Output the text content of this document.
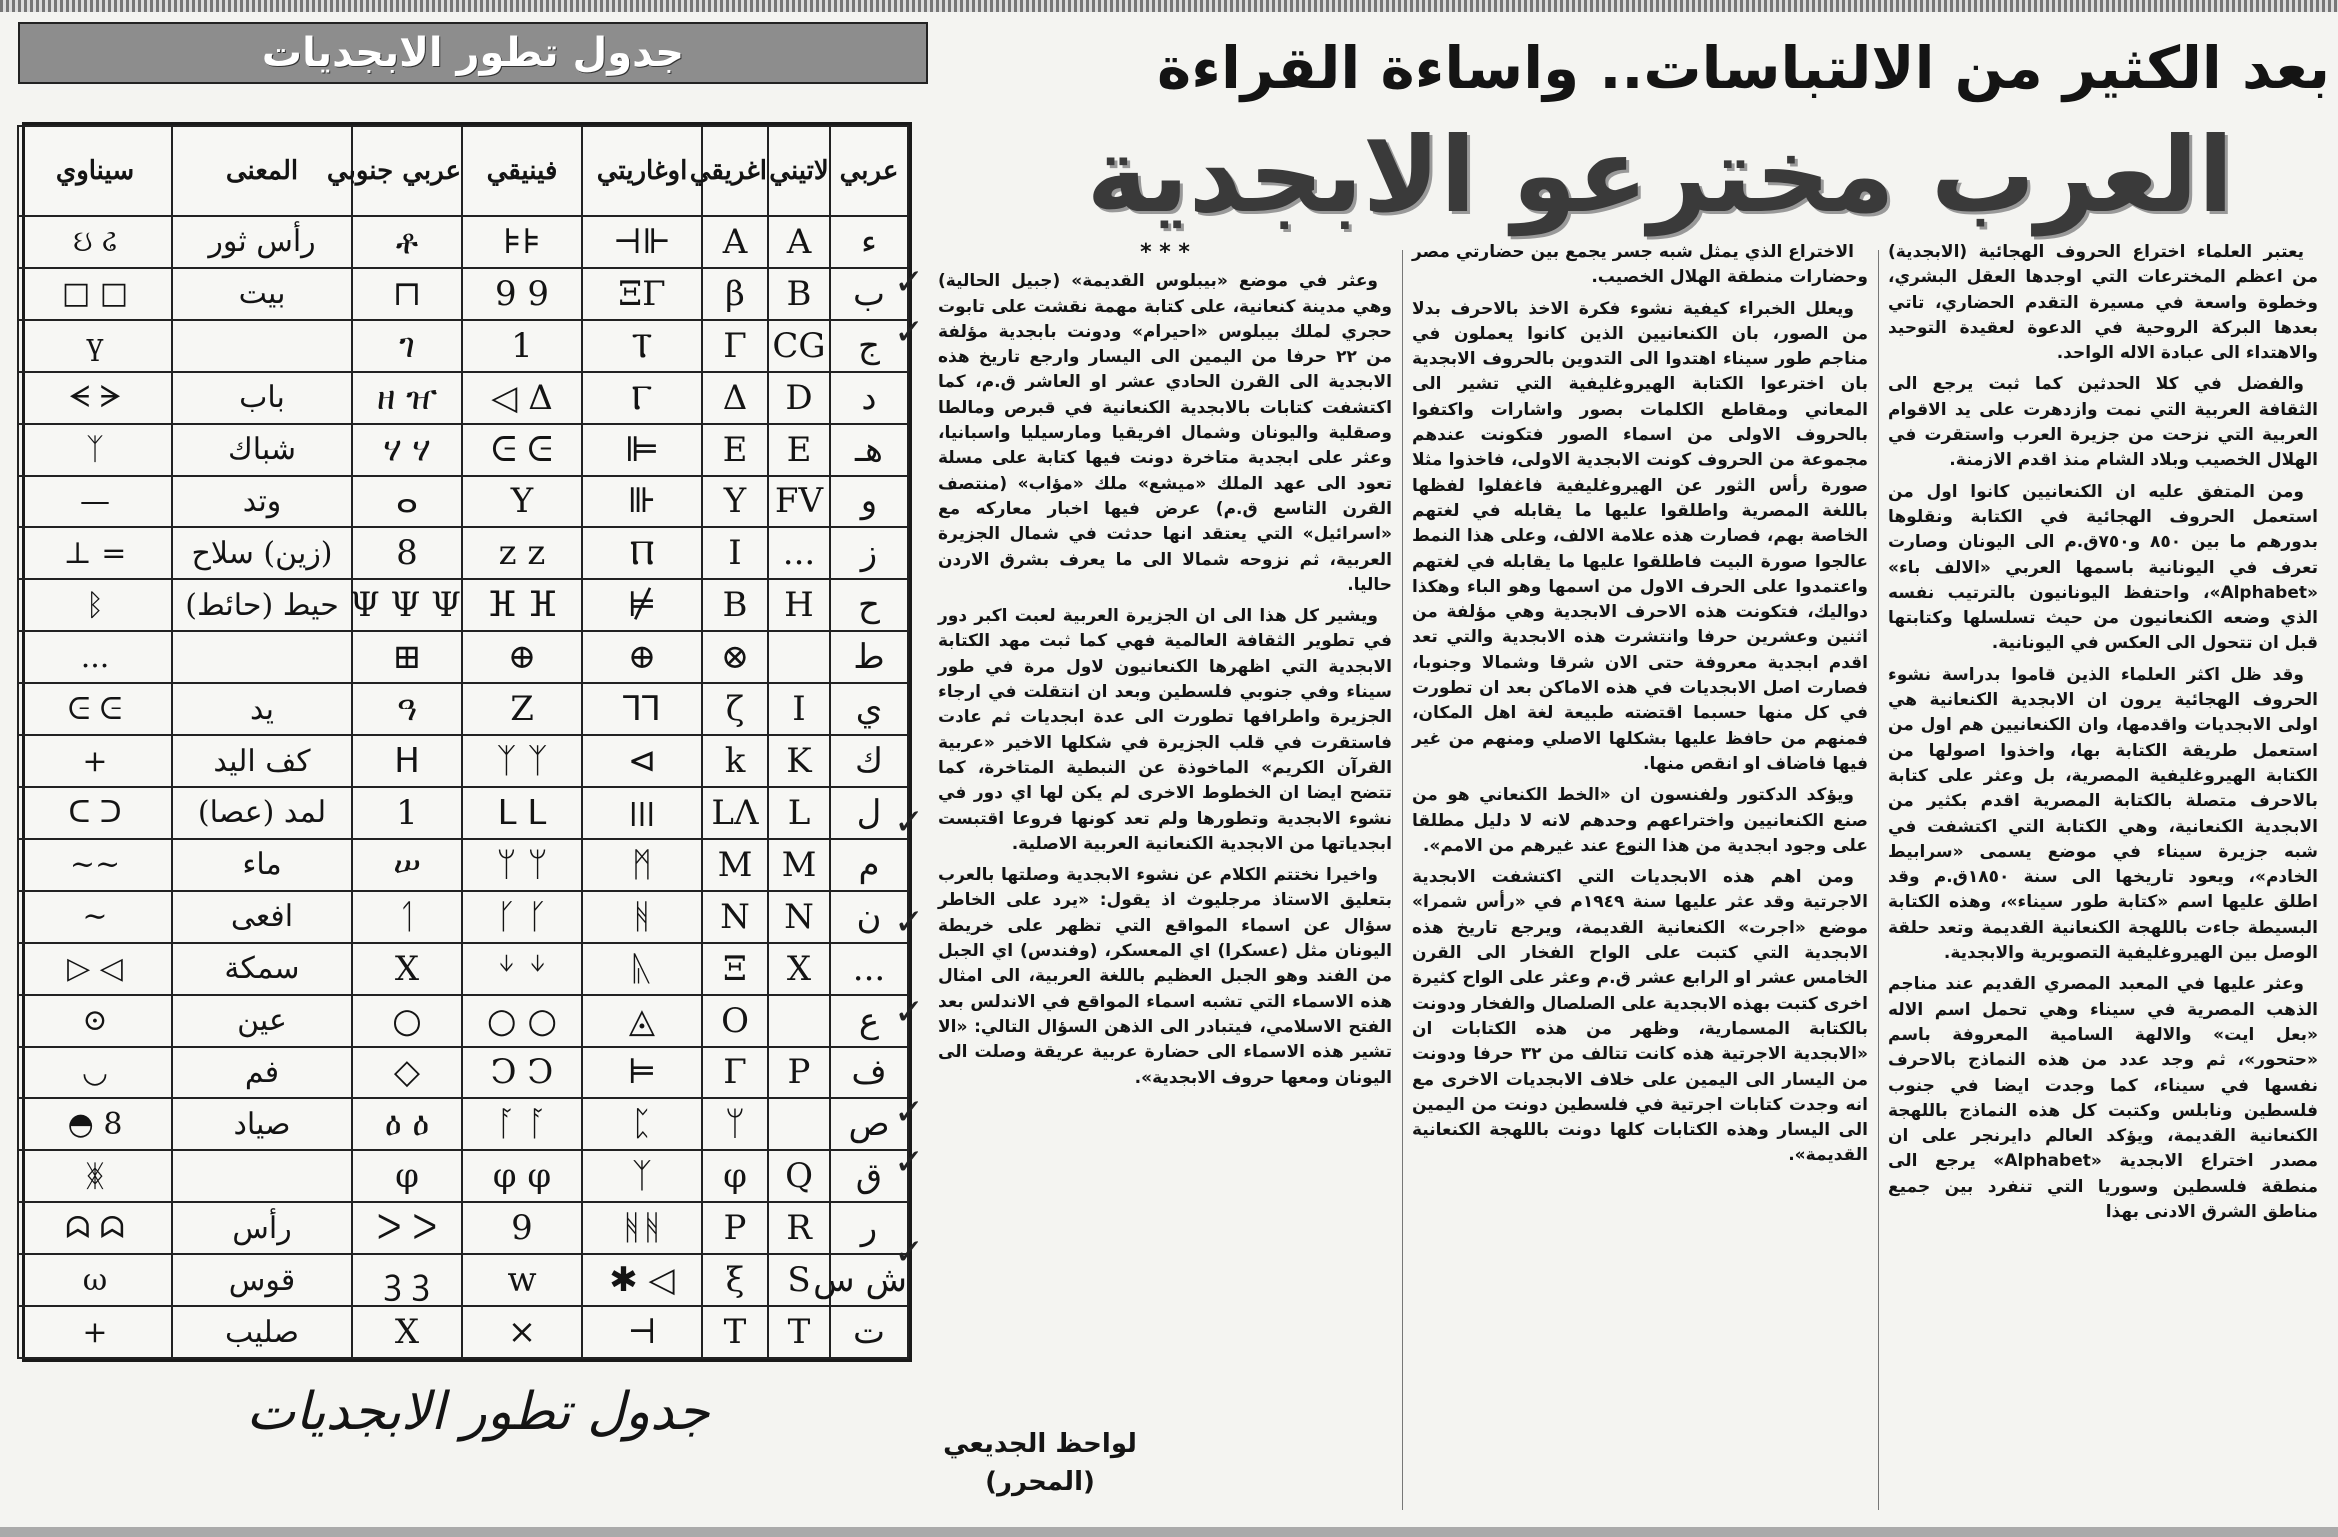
جدول تطور الابجديات
عربي	لاتيني	اغريقي	اوغاريتي	فينيقي	عربي جنوبي	المعنى	سيناوي
ء	A	A	⊩⊢	⊧⊧	ቶ	رأس ثور	ઇ ઢ
ب	B	β	ΞΓ	9 9	⊓	بيت	□ □
ج	CG	Γ	Ⲧ	1	ገ		ү
د	D	Δ	Ⲅ	Δ ◁	ዘ ዠ	باب	ᗕ ᗒ
هـ	E	E	⊫	ᕮ ᕮ	ሃ ሃ	شباك	ᛉ
و	FV	Y	⊪	Y	ⴰ	وتد	—
ز	...	I	Ⲡ	z z	8	(زين) سلاح	= ⊥
ح	H	B	⊭	ⴼ ⴼ	Ψ Ψ Ψ	حيط (حائط)	ᛒ
ط		⊗	⊕	⊕	⊞		...
ي	I	ζ	⅂⅂	Z	ዓ	يد	ᕮ ᕮ
ك	K	k	⊳	ᛉ ᛉ	ᕼ	كف اليد	+
ل	L	LΛ	Ⲽ	ᒪ ᒪ	1	لمد (عصا)	ᑕ ᑐ
م	M	M	ᛗ	ᛘ ᛘ	ሠ	ماء	~~
ن	N	N	ᚻ	ᚴ ᚴ	ᛐ	افعى	∽
...	X	Ξ	ᚣ	ᛎ ᛎ	X	سمكة	◁ ▷
ع		O	◬	○ ○	○	عين	⊙
ف	P	Γ	⊨	Ͻ Ͻ	◇	فم	◡
ص		ᛘ	ᛈ	ᚪ ᚪ	ዕ ዕ	صياد	8 ◓
ق	Q	φ	ᛉ	φ φ	φ		ᛤ
ر	R	P	ᚻᚻ	9	ᐳ ᐳ	رأس	ᗣ ᗣ
ش س	S	ξ	◁ ✱	w	ꝫ ꝫ	قوس	ω
ت	T	T	⊢	×	X	صليب	+
✓
✓
✓
✓
✓
✓
✓
✓
جدول تطور الابجديات
بعد الكثير من الالتباسات.. واساءة القراءة
العرب مخترعو الابجدية

يعتبر العلماء اختراع الحروف الهجائية (الابجدية) من اعظم المخترعات التي اوجدها العقل البشري، وخطوة واسعة في مسيرة التقدم الحضاري، تاتي بعدها البركة الروحية في الدعوة لعقيدة التوحيد والاهتداء الى عبادة الاله الواحد.

والفضل في كلا الحدثين كما ثبت يرجع الى الثقافة العربية التي نمت وازدهرت على يد الاقوام العربية التي نزحت من جزيرة العرب واستقرت في الهلال الخصيب وبلاد الشام منذ اقدم الازمنة.

ومن المتفق عليه ان الكنعانيين كانوا اول من استعمل الحروف الهجائية في الكتابة ونقلوها بدورهم ما بين ٨٥٠ و٧٥٠ق.م الى اليونان وصارت تعرف في اليونانية باسمها العربي «الالف باء» «Alphabet»، واحتفظ اليونانيون بالترتيب نفسه الذي وضعه الكنعانيون من حيث تسلسلها وكتابتها قبل ان تتحول الى العكس في اليونانية.

وقد ظل اكثر العلماء الذين قاموا بدراسة نشوء الحروف الهجائية يرون ان الابجدية الكنعانية هي اولى الابجديات واقدمها، وان الكنعانيين هم اول من استعمل طريقة الكتابة بها، واخذوا اصولها من الكتابة الهيروغليفية المصرية، بل وعثر على كتابة بالاحرف متصلة بالكتابة المصرية اقدم بكثير من الابجدية الكنعانية، وهي الكتابة التي اكتشفت في شبه جزيرة سيناء في موضع يسمى «سرابيط الخادم»، ويعود تاريخها الى سنة ١٨٥٠ق.م وقد اطلق عليها اسم «كتابة طور سيناء»، وهذه الكتابة البسيطة جاءت باللهجة الكنعانية القديمة وتعد حلقة الوصل بين الهيروغليفية التصويرية والابجدية.

وعثر عليها في المعبد المصري القديم عند مناجم الذهب المصرية في سيناء وهي تحمل اسم الاله «بعل ايت» والالهة السامية المعروفة باسم «حتحور»، ثم وجد عدد من هذه النماذج بالاحرف نفسها في سيناء، كما وجدت ايضا في جنوب فلسطين ونابلس وكتبت كل هذه النماذج باللهجة الكنعانية القديمة، ويؤكد العالم دايرنجر على ان مصدر اختراع الابجدية «Alphabet» يرجع الى منطقة فلسطين وسوريا التي تنفرد بين جميع مناطق الشرق الادنى بهذا

الاختراع الذي يمثل شبه جسر يجمع بين حضارتي مصر وحضارات منطقة الهلال الخصيب.

ويعلل الخبراء كيفية نشوء فكرة الاخذ بالاحرف بدلا من الصور، بان الكنعانيين الذين كانوا يعملون في مناجم طور سيناء اهتدوا الى التدوين بالحروف الابجدية بان اخترعوا الكتابة الهيروغليفية التي تشير الى المعاني ومقاطع الكلمات بصور واشارات واكتفوا بالحروف الاولى من اسماء الصور فتكونت عندهم مجموعة من الحروف كونت الابجدية الاولى، فاخذوا مثلا صورة رأس الثور عن الهيروغليفية فاغفلوا لفظها باللغة المصرية واطلقوا عليها ما يقابله في لغتهم الخاصة بهم، فصارت هذه علامة الالف، وعلى هذا النمط عالجوا صورة البيت فاطلقوا عليها ما يقابله في لغتهم واعتمدوا على الحرف الاول من اسمها وهو الباء وهكذا دواليك، فتكونت هذه الاحرف الابجدية وهي مؤلفة من اثنين وعشرين حرفا وانتشرت هذه الابجدية والتي تعد اقدم ابجدية معروفة حتى الان شرقا وشمالا وجنوبا، فصارت اصل الابجديات في هذه الاماكن بعد ان تطورت في كل منها حسبما اقتضته طبيعة لغة اهل المكان، فمنهم من حافظ عليها بشكلها الاصلي ومنهم من غير فيها فاضاف او انقص منها.

ويؤكد الدكتور ولفنسون ان «الخط الكنعاني هو من صنع الكنعانيين واختراعهم وحدهم لانه لا دليل مطلقا على وجود ابجدية من هذا النوع عند غيرهم من الامم».

ومن اهم هذه الابجديات التي اكتشفت الابجدية الاجرتية وقد عثر عليها سنة ١٩٤٩م في «رأس شمرا» موضع «اجرت» الكنعانية القديمة، ويرجع تاريخ هذه الابجدية التي كتبت على الواح الفخار الى القرن الخامس عشر او الرابع عشر ق.م وعثر على الواح كثيرة اخرى كتبت بهذه الابجدية على الصلصال والفخار ودونت بالكتابة المسمارية، وظهر من هذه الكتابات ان «الابجدية الاجرتية هذه كانت تتالف من ٣٢ حرفا ودونت من اليسار الى اليمين على خلاف الابجديات الاخرى مع انه وجدت كتابات اجرتية في فلسطين دونت من اليمين الى اليسار وهذه الكتابات كلها دونت باللهجة الكنعانية القديمة».

* * *

وعثر في موضع «بيبلوس القديمة» (جبيل الحالية) وهي مدينة كنعانية، على كتابة مهمة نقشت على تابوت حجري لملك بيبلوس «احيرام» ودونت بابجدية مؤلفة من ٢٢ حرفا من اليمين الى اليسار وارجع تاريخ هذه الابجدية الى القرن الحادي عشر او العاشر ق.م، كما اكتشفت كتابات بالابجدية الكنعانية في قبرص ومالطا وصقلية واليونان وشمال افريقيا ومارسيليا واسبانيا، وعثر على ابجدية متاخرة دونت فيها كتابة على مسلة تعود الى عهد الملك «ميشع» ملك «مؤاب» (منتصف القرن التاسع ق.م) عرض فيها اخبار معاركه مع «اسرائيل» التي يعتقد انها حدثت في شمال الجزيرة العربية، ثم نزوحه شمالا الى ما يعرف بشرق الاردن حاليا.

ويشير كل هذا الى ان الجزيرة العربية لعبت اكبر دور في تطوير الثقافة العالمية فهي كما ثبت مهد الكتابة الابجدية التي اظهرها الكنعانيون لاول مرة في طور سيناء وفي جنوبي فلسطين وبعد ان انتقلت في ارجاء الجزيرة واطرافها تطورت الى عدة ابجديات ثم عادت فاستقرت في قلب الجزيرة في شكلها الاخير «عربية القرآن الكريم» الماخوذة عن النبطية المتاخرة، كما تتضح ايضا ان الخطوط الاخرى لم يكن لها اي دور في نشوء الابجدية وتطورها ولم تعد كونها فروعا اقتبست ابجدياتها من الابجدية الكنعانية العربية الاصلية.

واخيرا نختتم الكلام عن نشوء الابجدية وصلتها بالعرب بتعليق الاستاذ مرجليوث اذ يقول: «يرد على الخاطر سؤال عن اسماء المواقع التي تظهر على خريطة اليونان مثل (عسكرا) اي المعسكر، (وفندس) اي الجبل من الفند وهو الجبل العظيم باللغة العربية، الى امثال هذه الاسماء التي تشبه اسماء المواقع في الاندلس بعد الفتح الاسلامي، فيتبادر الى الذهن السؤال التالي: «الا تشير هذه الاسماء الى حضارة عربية عريقة وصلت الى اليونان ومعها حروف الابجدية».

لواحظ الجديعي
(المحرر)
